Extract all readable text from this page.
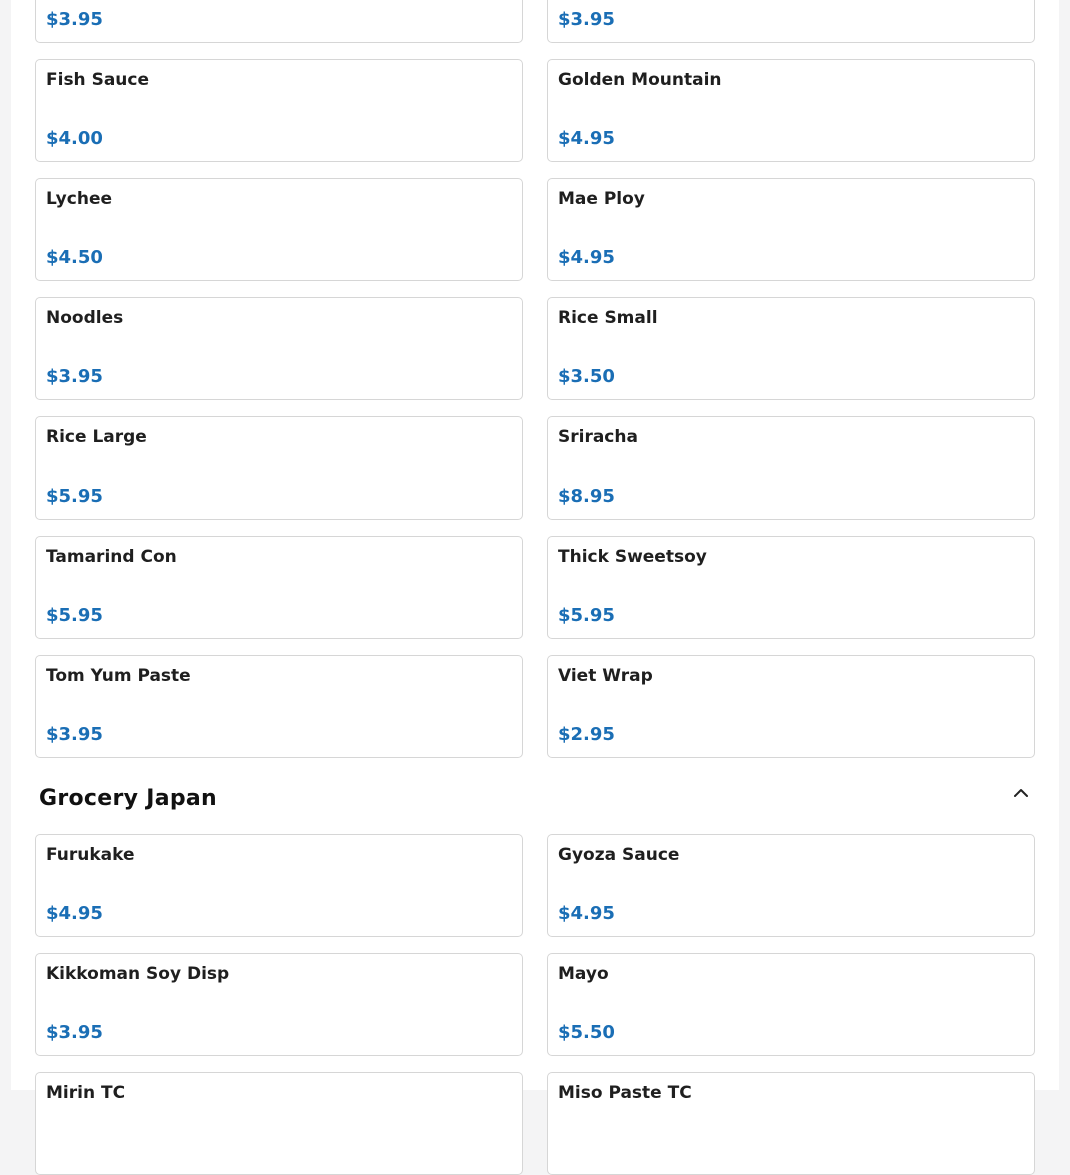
$3.95	$3.95
Fish Sauce
$4.00
Golden Mountain
$4.95
Lychee
$4.50
Mae Ploy
$4.95
Noodles
$3.95
Rice Small
$3.50
Rice Large
$5.95
Sriracha
$8.95
Tamarind Con
$5.95
Thick Sweetsoy
$5.95
Tom Yum Paste
$3.95
Viet Wrap
$2.95
Grocery Japan
Furukake
$4.95
Gyoza Sauce
$4.95
Kikkoman Soy Disp
$3.95
Mayo
$5.50
Mirin TC	Miso Paste TC
